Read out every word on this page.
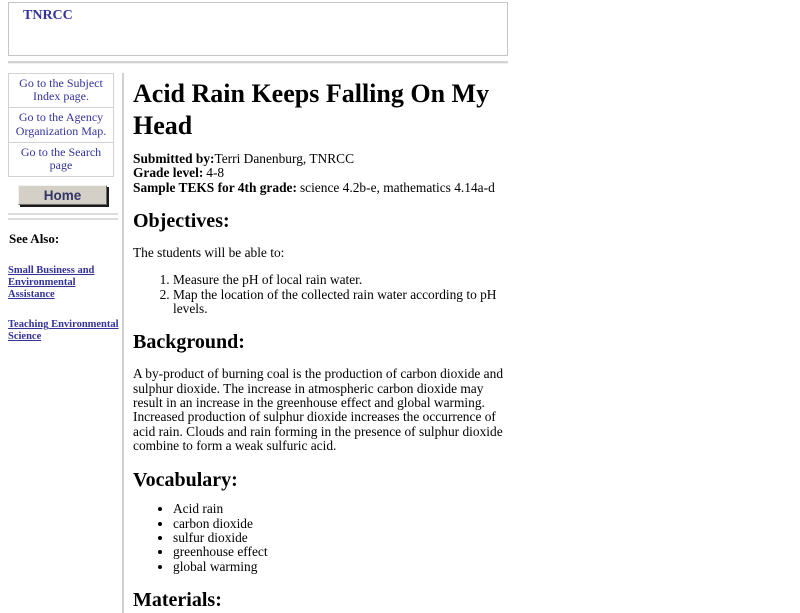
TNRCC
Go to the Subject Index page.
Go to the Agency Organization Map.
Go to the Search page
Home
See Also:
Small Business and Environmental Assistance
Teaching Environmental Science
Acid Rain Keeps Falling On My Head
Submitted by:Terri Danenburg, TNRCC
Grade level: 4-8
Sample TEKS for 4th grade: science 4.2b-e, mathematics 4.14a-d
Objectives:

The students will be able to:

1. Measure the pH of local rain water.
2. Map the location of the collected rain water according to pH levels.
Background:

A by-product of burning coal is the production of carbon dioxide and sulphur dioxide. The increase in atmospheric carbon dioxide may result in an increase in the greenhouse effect and global warming. Increased production of sulphur dioxide increases the occurrence of acid rain. Clouds and rain forming in the presence of sulphur dioxide combine to form a weak sulfuric acid.

Vocabulary:
• Acid rain
• carbon dioxide
• sulfur dioxide
• greenhouse effect
• global warming
Materials:
